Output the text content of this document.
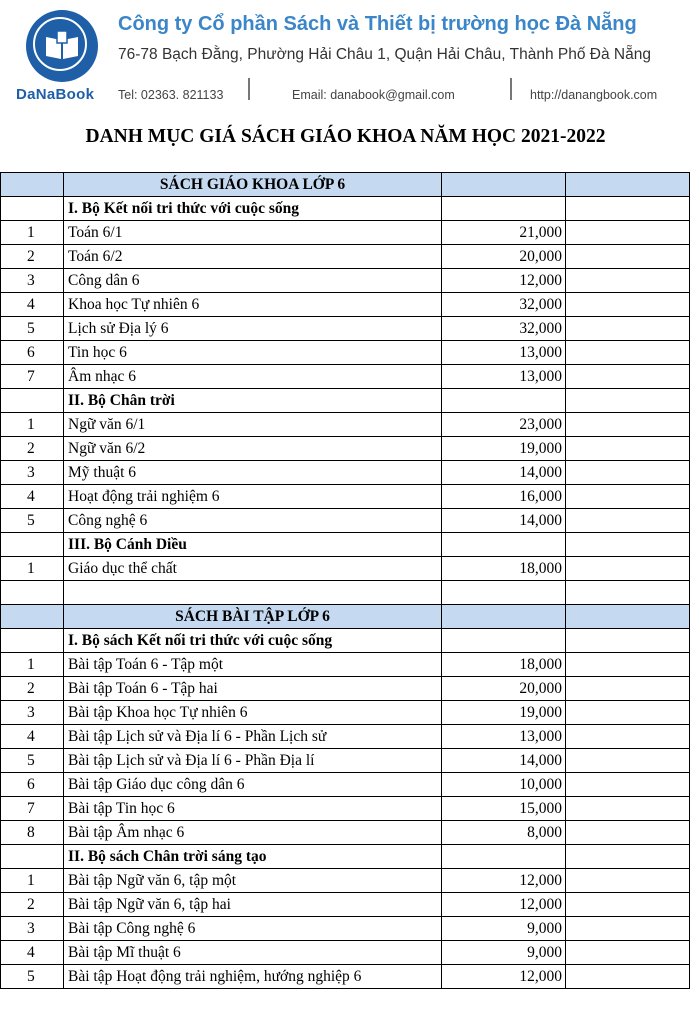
DaNaBook
Công ty Cổ phần Sách và Thiết bị trường học Đà Nẵng
76-78 Bạch Đằng, Phường Hải Châu 1, Quận Hải Châu, Thành Phố Đà Nẵng
Tel: 02363. 821133	Email: danabook@gmail.com	http://danangbook.com
DANH MỤC GIÁ SÁCH GIÁO KHOA NĂM HỌC 2021-2022
	SÁCH GIÁO KHOA LỚP 6		
	I. Bộ Kết nối tri thức với cuộc sống		
1	Toán 6/1	21,000	
2	Toán 6/2	20,000	
3	Công dân 6	12,000	
4	Khoa học Tự nhiên 6	32,000	
5	Lịch sử Địa lý 6	32,000	
6	Tin học 6	13,000	
7	Âm nhạc 6	13,000	
	II. Bộ Chân trời		
1	Ngữ văn 6/1	23,000	
2	Ngữ văn 6/2	19,000	
3	Mỹ thuật 6	14,000	
4	Hoạt động trải nghiệm 6	16,000	
5	Công nghệ 6	14,000	
	III. Bộ Cánh Diều		
1	Giáo dục thể chất	18,000	

	SÁCH BÀI TẬP LỚP 6		
	I. Bộ sách Kết nối tri thức với cuộc sống		
1	Bài tập Toán 6 - Tập một	18,000	
2	Bài tập Toán 6 - Tập hai	20,000	
3	Bài tập Khoa học Tự nhiên 6	19,000	
4	Bài tập Lịch sử và Địa lí 6 - Phần Lịch sử	13,000	
5	Bài tập Lịch sử và Địa lí 6 - Phần Địa lí	14,000	
6	Bài tập Giáo dục công dân 6	10,000	
7	Bài tập Tin học 6	15,000	
8	Bài tập Âm nhạc 6	8,000	
	II. Bộ sách Chân trời sáng tạo		
1	Bài tập Ngữ văn 6, tập một	12,000	
2	Bài tập Ngữ văn 6, tập hai	12,000	
3	Bài tập Công nghệ 6	9,000	
4	Bài tập Mĩ thuật 6	9,000	
5	Bài tập Hoạt động trải nghiệm, hướng nghiệp 6	12,000	
